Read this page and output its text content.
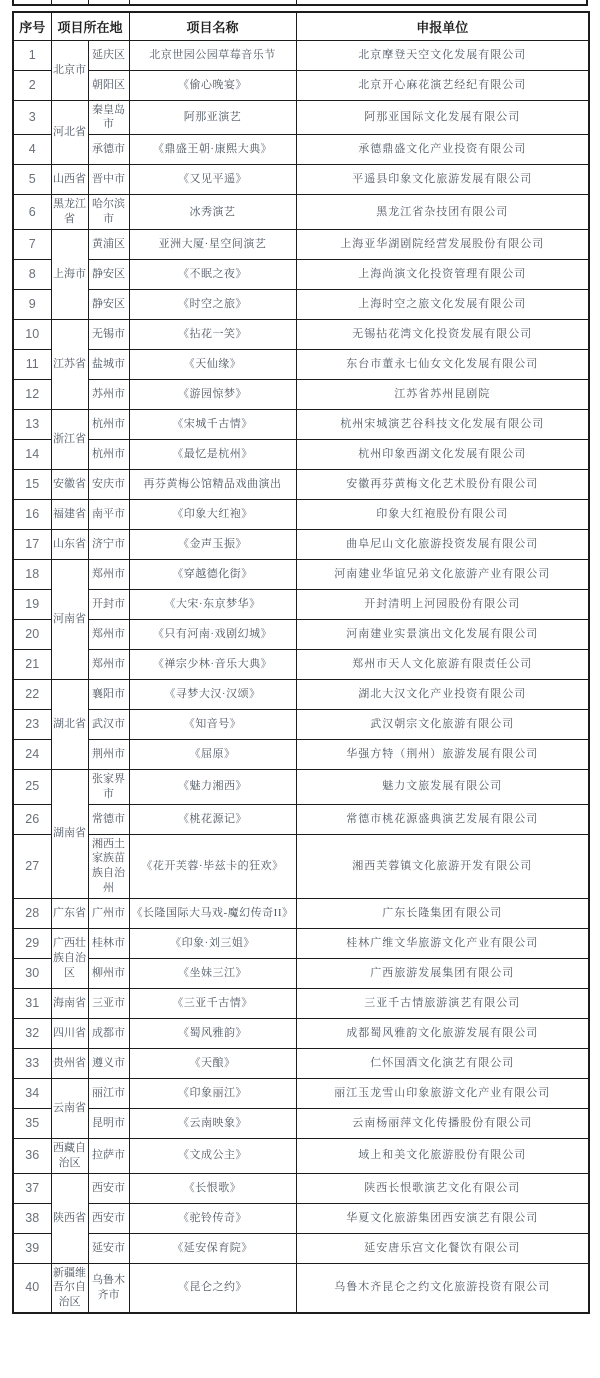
序号	项目所在地		项目名称	申报单位
1	北京市	延庆区	北京世园公园草莓音乐节	北京摩登天空文化发展有限公司
2		朝阳区	《偷心晚宴》	北京开心麻花演艺经纪有限公司
3	河北省	秦皇岛市	阿那亚演艺	阿那亚国际文化发展有限公司
4		承德市	《鼎盛王朝·康熙大典》	承德鼎盛文化产业投资有限公司
5	山西省	晋中市	《又见平遥》	平遥县印象文化旅游发展有限公司
6	黑龙江省	哈尔滨市	冰秀演艺	黑龙江省杂技团有限公司
7	上海市	黄浦区	亚洲大厦·星空间演艺	上海亚华湖剧院经营发展股份有限公司
8		静安区	《不眠之夜》	上海尚演文化投资管理有限公司
9		静安区	《时空之旅》	上海时空之旅文化发展有限公司
10	江苏省	无锡市	《拈花一笑》	无锡拈花湾文化投资发展有限公司
11		盐城市	《天仙缘》	东台市董永七仙女文化发展有限公司
12		苏州市	《游园惊梦》	江苏省苏州昆剧院
13	浙江省	杭州市	《宋城千古情》	杭州宋城演艺谷科技文化发展有限公司
14		杭州市	《最忆是杭州》	杭州印象西湖文化发展有限公司
15	安徽省	安庆市	再芬黄梅公馆精品戏曲演出	安徽再芬黄梅文化艺术股份有限公司
16	福建省	南平市	《印象大红袍》	印象大红袍股份有限公司
17	山东省	济宁市	《金声玉振》	曲阜尼山文化旅游投资发展有限公司
18	河南省	郑州市	《穿越德化街》	河南建业华谊兄弟文化旅游产业有限公司
19		开封市	《大宋·东京梦华》	开封清明上河园股份有限公司
20		郑州市	《只有河南·戏剧幻城》	河南建业实景演出文化发展有限公司
21		郑州市	《禅宗少林·音乐大典》	郑州市天人文化旅游有限责任公司
22	湖北省	襄阳市	《寻梦大汉·汉颂》	湖北大汉文化产业投资有限公司
23		武汉市	《知音号》	武汉朝宗文化旅游有限公司
24		荆州市	《屈原》	华强方特（荆州）旅游发展有限公司
25	湖南省	张家界市	《魅力湘西》	魅力文旅发展有限公司
26		常德市	《桃花源记》	常德市桃花源盛典演艺发展有限公司
27		湘西土家族苗族自治州	《花开芙蓉·毕兹卡的狂欢》	湘西芙蓉镇文化旅游开发有限公司
28	广东省	广州市	《长隆国际大马戏-魔幻传奇II》	广东长隆集团有限公司
29	广西壮族自治区	桂林市	《印象·刘三姐》	桂林广维文华旅游文化产业有限公司
30		柳州市	《坐妹三江》	广西旅游发展集团有限公司
31	海南省	三亚市	《三亚千古情》	三亚千古情旅游演艺有限公司
32	四川省	成都市	《蜀风雅韵》	成都蜀风雅韵文化旅游发展有限公司
33	贵州省	遵义市	《天酿》	仁怀国酒文化演艺有限公司
34	云南省	丽江市	《印象丽江》	丽江玉龙雪山印象旅游文化产业有限公司
35		昆明市	《云南映象》	云南杨丽萍文化传播股份有限公司
36	西藏自治区	拉萨市	《文成公主》	域上和美文化旅游股份有限公司
37	陕西省	西安市	《长恨歌》	陕西长恨歌演艺文化有限公司
38		西安市	《驼铃传奇》	华夏文化旅游集团西安演艺有限公司
39		延安市	《延安保育院》	延安唐乐宫文化餐饮有限公司
40	新疆维吾尔自治区	乌鲁木齐市	《昆仑之约》	乌鲁木齐昆仑之约文化旅游投资有限公司
